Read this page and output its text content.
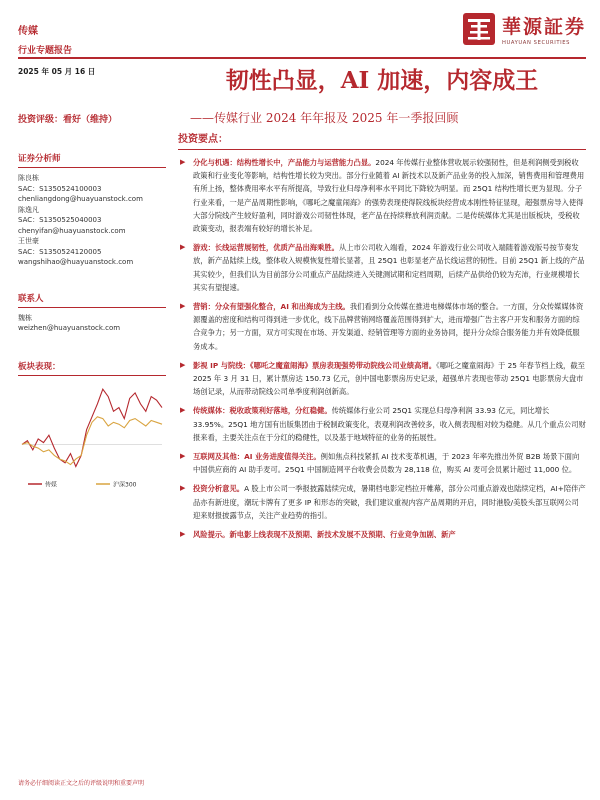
传媒
行业专题报告
華源証券
HUAYUAN SECURITIES
2025 年 05 月 16 日	韧性凸显，AI 加速，内容成王
投资评级：看好（维持）	——传媒行业 2024 年年报及 2025 年一季报回顾
证券分析师
陈良栋
SAC：S1350524100003
chenliangdong@huayuanstock.com
陈逸凡
SAC：S1350525040003
chenyifan@huayuanstock.com
王世豪
SAC：S1350524120005
wangshihao@huayuanstock.com
联系人
魏栋
weizhen@huayuanstock.com
板块表现：
传媒	沪深300
投资要点：
▶ 分化与机遇：结构性增长中，产品能力与运营能力凸显。2024 年传媒行业整体营收展示较强韧性，但是利润侧受到税收政策和行业变化等影响，结构性增长较为突出。部分行业随着 AI 新技术以及新产品业务的投入加深，销售费用和管理费用有所上扬，整体费用率水平有所提高，导致行业归母净利率水平同比下降较为明显。而 25Q1 结构性增长更为显现。分子行业来看，一是产品周期性影响，《哪吒之魔童闹海》的强势表现使得院线板块经营成本刚性特征显现，超强票房导入使得大部分院线产生较好盈利，同时游戏公司韧性体现，老产品在持续释放利润贡献。二是传统媒体尤其是出版板块，受税收政策变动，报表端有较好的增长补足。
▶ 游戏：长线运营展韧性，优质产品出海乘胜。从上市公司收入端看，2024 年游戏行业公司收入端随着游戏版号按节奏发放，新产品陆续上线，整体收入规模恢复性增长显著，且 25Q1 也彰显老产品长线运营的韧性。目前 25Q1 新上线的产品其实较少，但我们认为目前部分公司重点产品陆续进入关键测试期和定档周期，后续产品供给仍较为充沛，行业规模增长其实有望提速。
▶ 营销：分众有望强化整合，AI 和出海成为主线。我们看到分众传媒在推进电梯媒体市场的整合。一方面，分众传媒媒体资源覆盖的密度和结构可得到进一步优化，线下品牌营销网络覆盖范围得到扩大，进而增强广告主客户开发和服务方面的综合竞争力；另一方面，双方可实现在市场、开发渠道、经销管理等方面的业务协同，提升分众综合服务能力并有效降低服务成本。
▶ 影视 IP 与院线：《哪吒之魔童闹海》票房表现强势带动院线公司业绩高增。《哪吒之魔童闹海》于 25 年春节档上线，截至 2025 年 3 月 31 日，累计票房达 150.73 亿元，创中国电影票房历史记录，超强单片表现也带动 25Q1 电影票房大盘市场创记录，从而带动院线公司单季度利润创新高。
▶ 传统媒体：税收政策利好落地，分红稳健。传统媒体行业公司 25Q1 实现总归母净利润 33.93 亿元，同比增长 33.95%。25Q1 地方国有出版集团由于税制政策变化，表观利润改善较多，收入侧表现相对较为稳健。从几个重点公司财报来看，主要关注点在于分红的稳健性，以及基于地域特征的业务的拓展性。
▶ 互联网及其他：AI 业务进度值得关注。例如焦点科技紧抓 AI 技术变革机遇，于 2023 年率先推出外贸 B2B 场景下面向中国供应商的 AI 助手麦可。25Q1 中国制造网平台收费会员数为 28,118 位，购买 AI 麦可会员累计超过 11,000 位。
▶ 投资分析意见。A 股上市公司一季报披露陆续完成，暑期档电影定档拉开帷幕，部分公司重点游戏也陆续定档，AI+陪伴产品亦有新进度，潮玩卡牌有了更多 IP 和形态的突破，我们建议重视内容产品周期的开启，同时港股/美股头部互联网公司迎来财报披露节点，关注产业趋势的指引。
▶ 风险提示。新电影上线表现不及预期、新技术发展不及预期、行业竞争加剧、新产
请务必仔细阅读正文之后的评级说明和重要声明
